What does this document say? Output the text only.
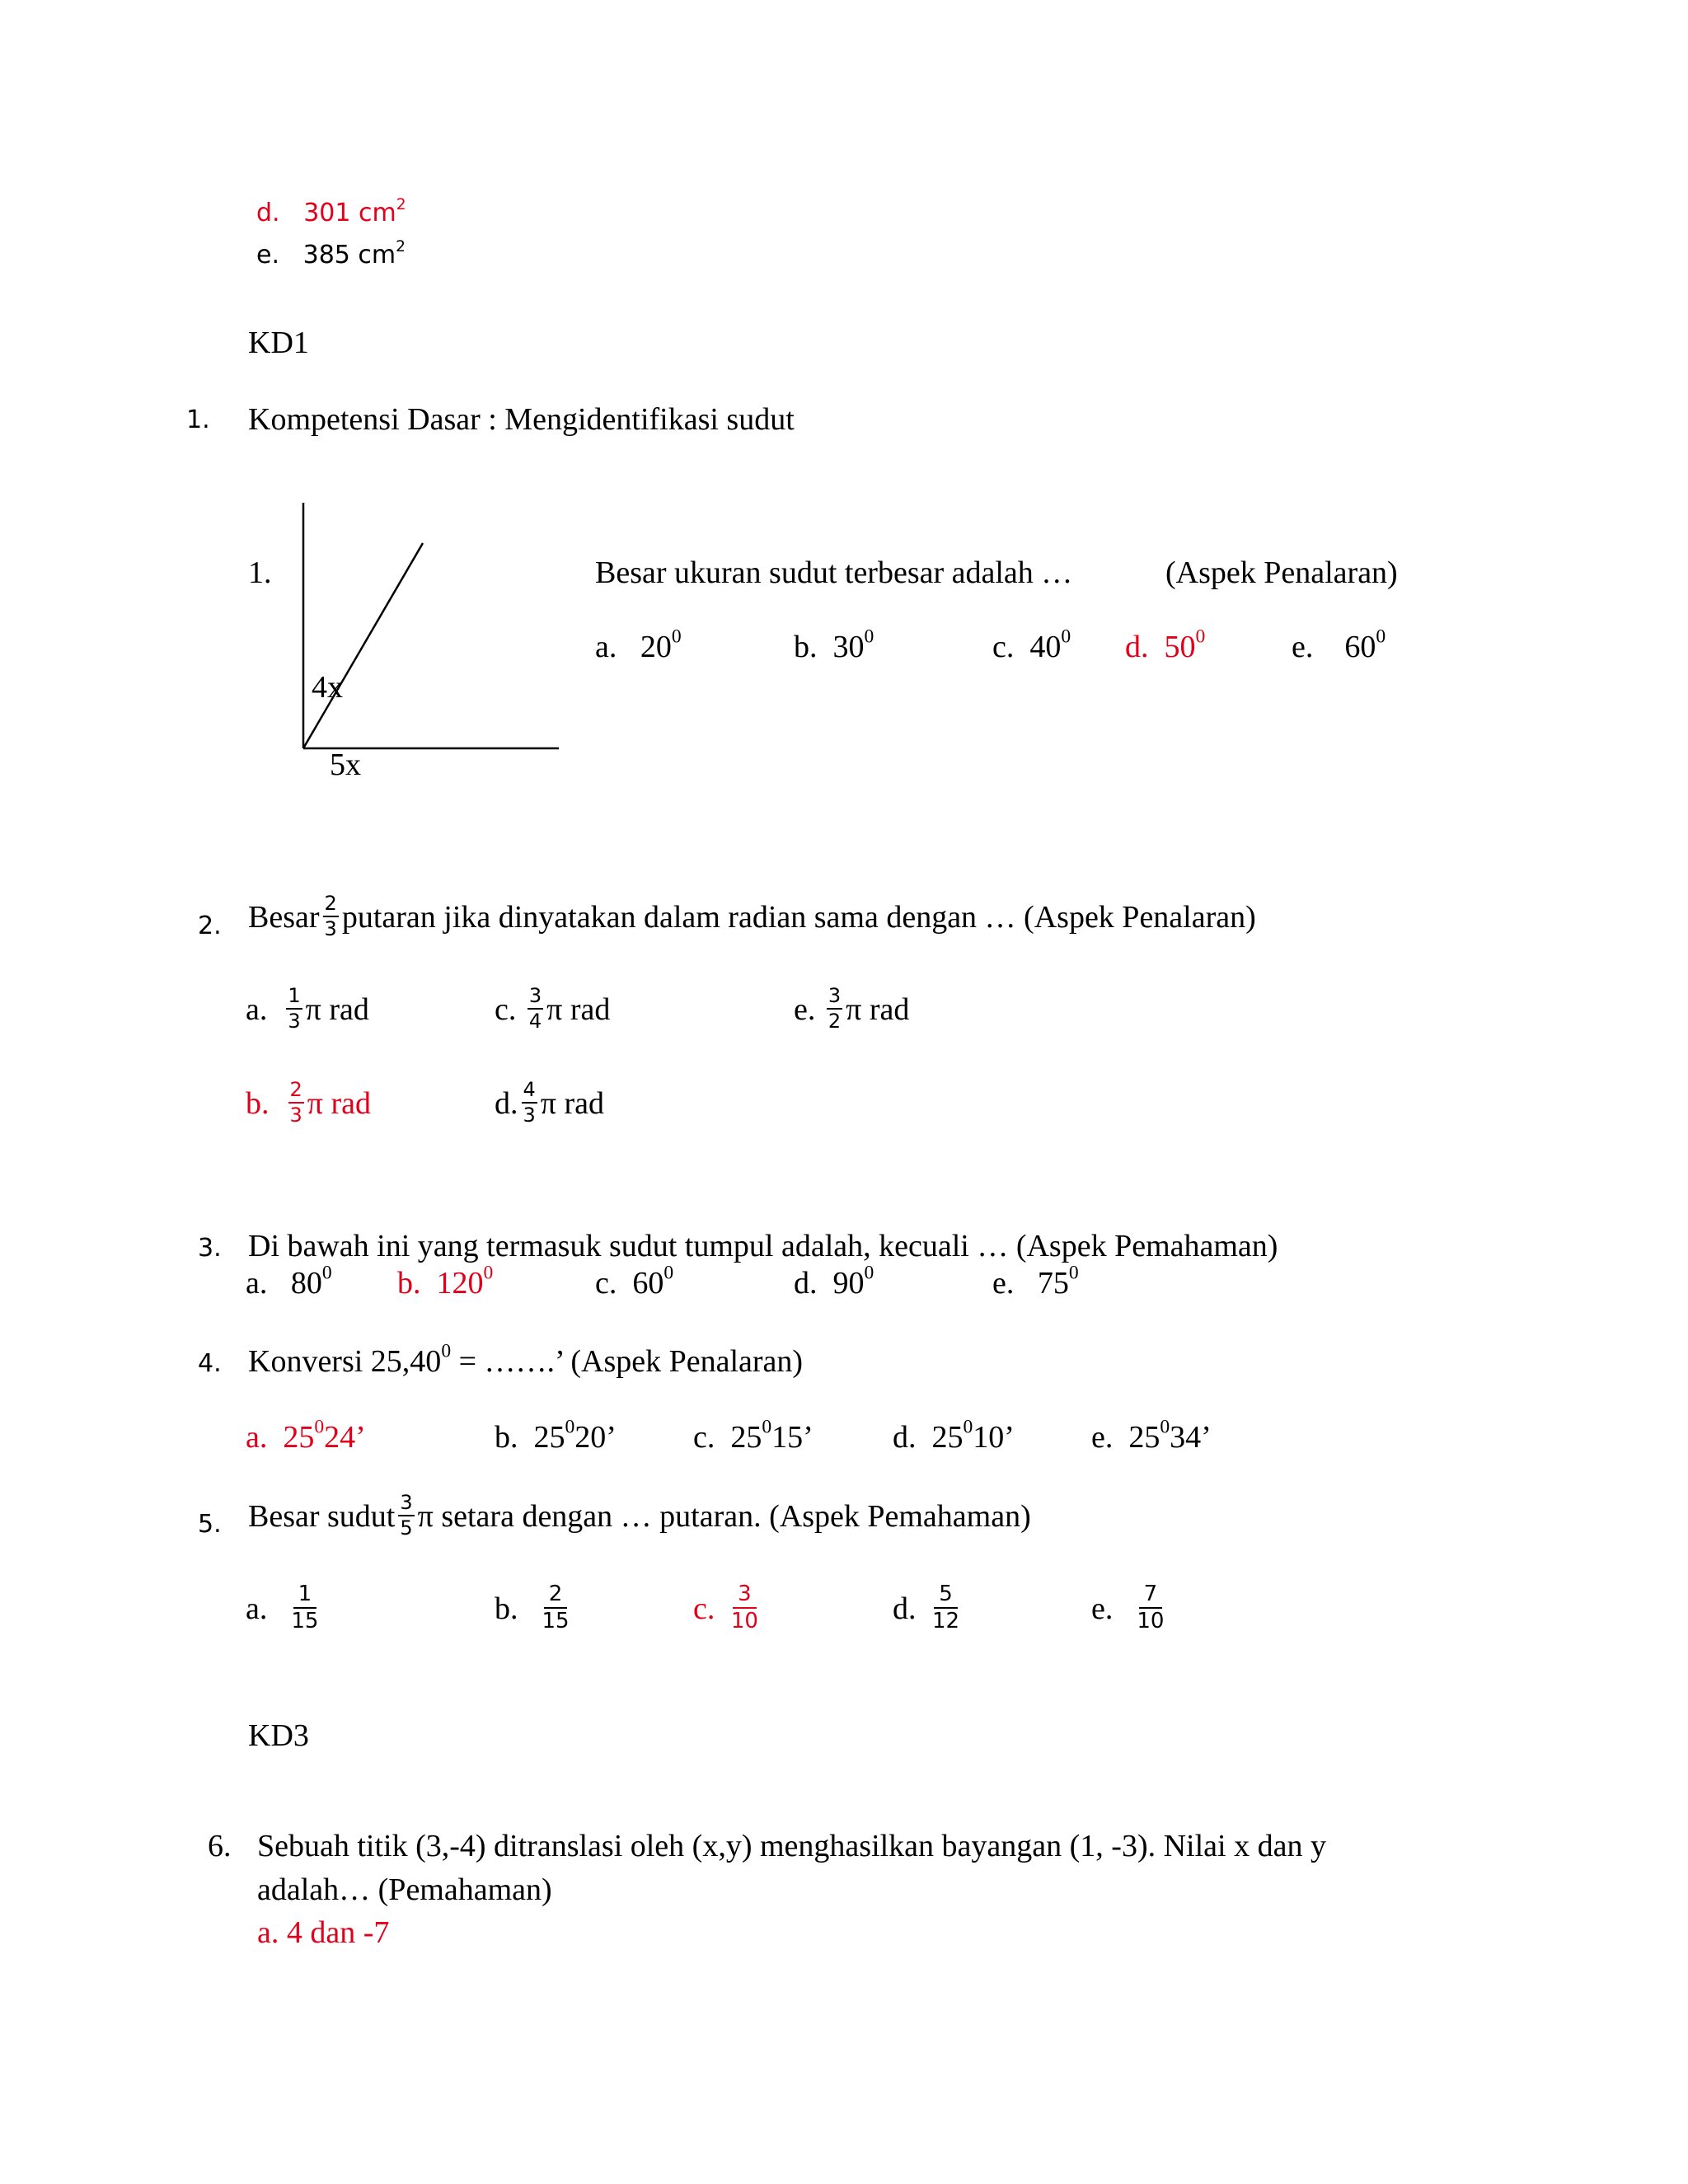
d. 301 $cm^2$
e. 385 $cm^2$
KD1
1. Kompetensi Dasar : Mengidentifikasi sudut
1.
4x
5x
Besar ukuran sudut terbesar adalah …	(Aspek Penalaran)
a. $20^0$	b. $30^0$	c. $40^0$ d. $50^0$	e. $60^0$
2. Besar $\frac{2}{3}$ putaran jika dinyatakan dalam radian sama dengan … (Aspek Penalaran)
a. $\frac{1}{3}$ π rad
b. $\frac{2}{3}$ π rad
c. $\frac{3}{4}$ π rad
d. $\frac{4}{3}$ π rad
e. $\frac{3}{2}$ π rad
3. Di bawah ini yang termasuk sudut tumpul adalah, kecuali … (Aspek Pemahaman)
a. $80^0$ b. $120^0$	c. $60^0$	d. $90^0$	e. $75^0$
4. Konversi $25,40^0$ = …….’ (Aspek Penalaran)
a. $25^024$’	b. $25^020$’ c. $25^015$’	d. $25^010$’ e. $25^034$’
5. Besar sudut $\frac{3}{5}$ π setara dengan … putaran. (Aspek Pemahaman)
a. $\frac{1}{15}$	b. $\frac{2}{15}$	c. $\frac{3}{10}$	d. $\frac{5}{12}$	e. $\frac{7}{10}$
KD3
6. Sebuah titik (3,-4) ditranslasi oleh (x,y) menghasilkan bayangan (1, -3). Nilai x dan y
adalah… (Pemahaman)
a. 4 dan -7
